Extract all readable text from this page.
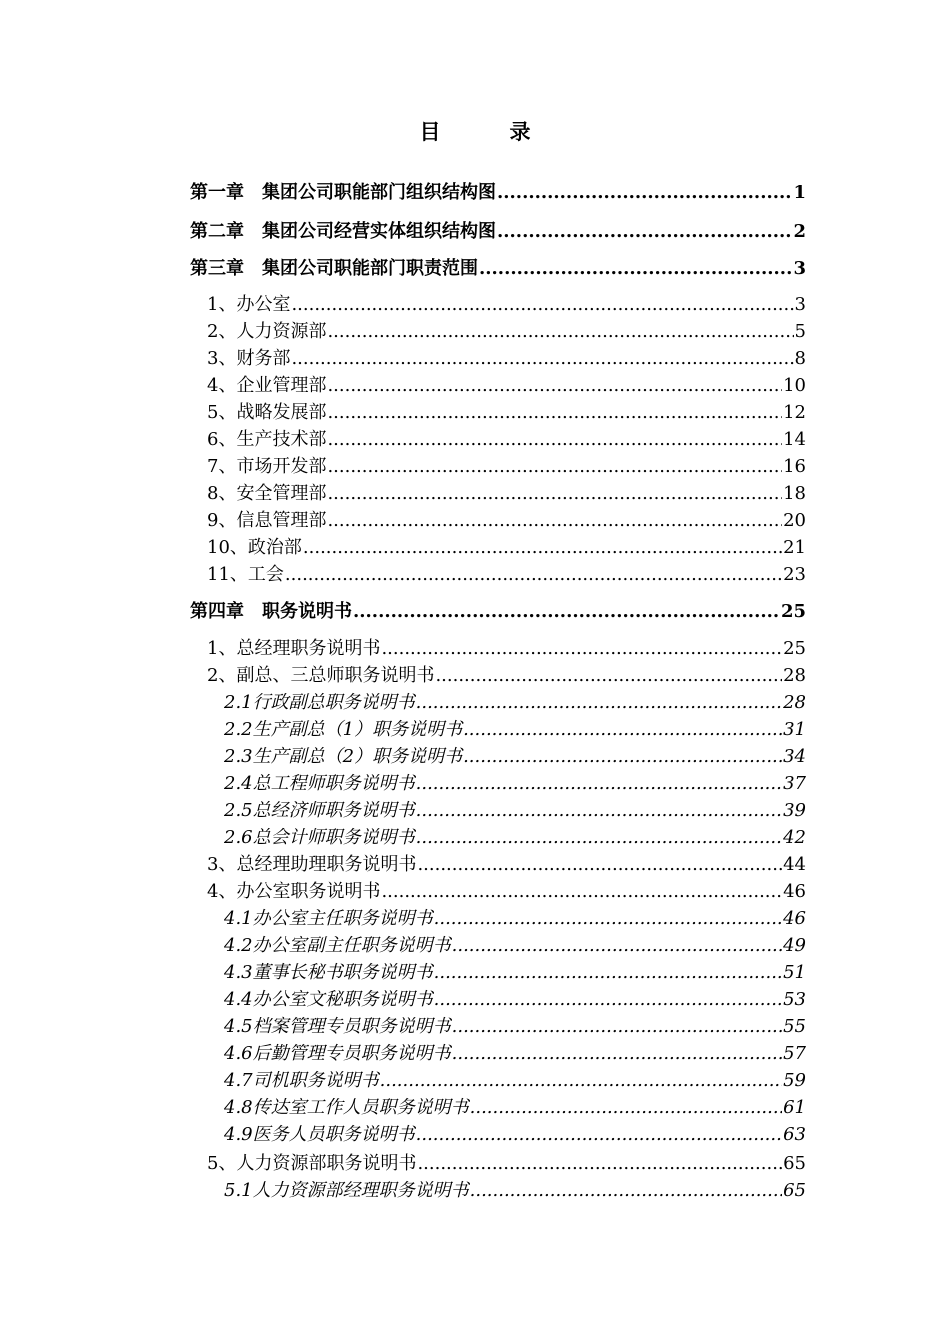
目　录
第一章　集团公司职能部门组织结构图 .....	1
第二章　集团公司经营实体组织结构图 .....	2
第三章　集团公司职能部门职责范围 .....	3
1、办公室 .....	3
2、人力资源部 .....	5
3、财务部 .....	8
4、企业管理部 .....	10
5、战略发展部 .....	12
6、生产技术部 .....	14
7、市场开发部 .....	16
8、安全管理部 .....	18
9、信息管理部 .....	20
10、政治部 .....	21
11、工会 .....	23
第四章　职务说明书 .....	25
1、总经理职务说明书 .....	25
2、副总、三总师职务说明书 .....	28
2.1行政副总职务说明书 .....	28
2.2生产副总（1）职务说明书 .....	31
2.3生产副总（2）职务说明书 .....	34
2.4总工程师职务说明书 .....	37
2.5总经济师职务说明书 .....	39
2.6总会计师职务说明书 .....	42
3、总经理助理职务说明书 .....	44
4、办公室职务说明书 .....	46
4.1办公室主任职务说明书 .....	46
4.2办公室副主任职务说明书 .....	49
4.3董事长秘书职务说明书 .....	51
4.4办公室文秘职务说明书 .....	53
4.5档案管理专员职务说明书 .....	55
4.6后勤管理专员职务说明书 .....	57
4.7司机职务说明书 .....	59
4.8传达室工作人员职务说明书 .....	61
4.9医务人员职务说明书 .....	63
5、人力资源部职务说明书 .....	65
5.1人力资源部经理职务说明书 .....	65
